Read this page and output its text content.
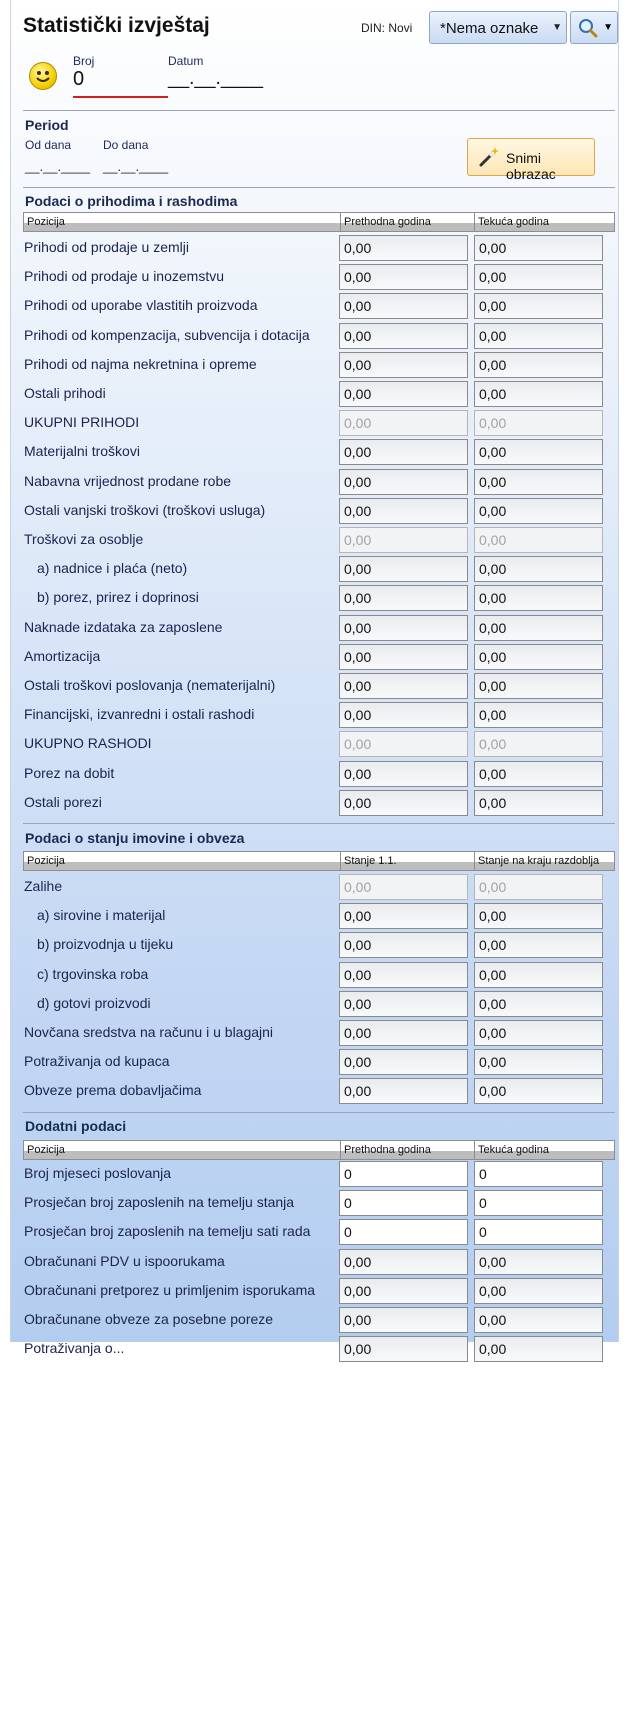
Statistički izvještaj	DIN: Novi *Nema oznake ▼	▼
Broj
0
Datum
__.__.____
Period
Od dana
__.__.____
Do dana
__.__.____
Snimi obrazac
Podaci o prihodima i rashodima
Pozicija	Prethodna godina	Tekuća godina
Prihodi od prodaje u zemlji	0,00	0,00
Prihodi od prodaje u inozemstvu	0,00	0,00
Prihodi od uporabe vlastitih proizvoda	0,00	0,00
Prihodi od kompenzacija, subvencija i dotacija	0,00	0,00
Prihodi od najma nekretnina i opreme	0,00	0,00
Ostali prihodi	0,00	0,00
UKUPNI PRIHODI	0,00	0,00
Materijalni troškovi	0,00	0,00
Nabavna vrijednost prodane robe	0,00	0,00
Ostali vanjski troškovi (troškovi usluga)	0,00	0,00
Troškovi za osoblje	0,00	0,00
a) nadnice i plaća (neto)	0,00	0,00
b) porez, prirez i doprinosi	0,00	0,00
Naknade izdataka za zaposlene	0,00	0,00
Amortizacija	0,00	0,00
Ostali troškovi poslovanja (nematerijalni)	0,00	0,00
Financijski, izvanredni i ostali rashodi	0,00	0,00
UKUPNO RASHODI	0,00	0,00
Porez na dobit	0,00	0,00
Ostali porezi	0,00	0,00
Podaci o stanju imovine i obveza
Pozicija	Stanje 1.1.	Stanje na kraju razdoblja
Zalihe	0,00	0,00
a) sirovine i materijal	0,00	0,00
b) proizvodnja u tijeku	0,00	0,00
c) trgovinska roba	0,00	0,00
d) gotovi proizvodi	0,00	0,00
Novčana sredstva na računu i u blagajni	0,00	0,00
Potraživanja od kupaca	0,00	0,00
Obveze prema dobavljačima	0,00	0,00
Dodatni podaci
Pozicija	Prethodna godina	Tekuća godina
Broj mjeseci poslovanja	0	0
Prosječan broj zaposlenih na temelju stanja	0	0
Prosječan broj zaposlenih na temelju sati rada	0	0
Obračunani PDV u ispoorukama	0,00	0,00
Obračunani pretporez u primljenim isporukama	0,00	0,00
Obračunane obveze za posebne poreze	0,00	0,00
Potraživanja o...	0,00	0,00
